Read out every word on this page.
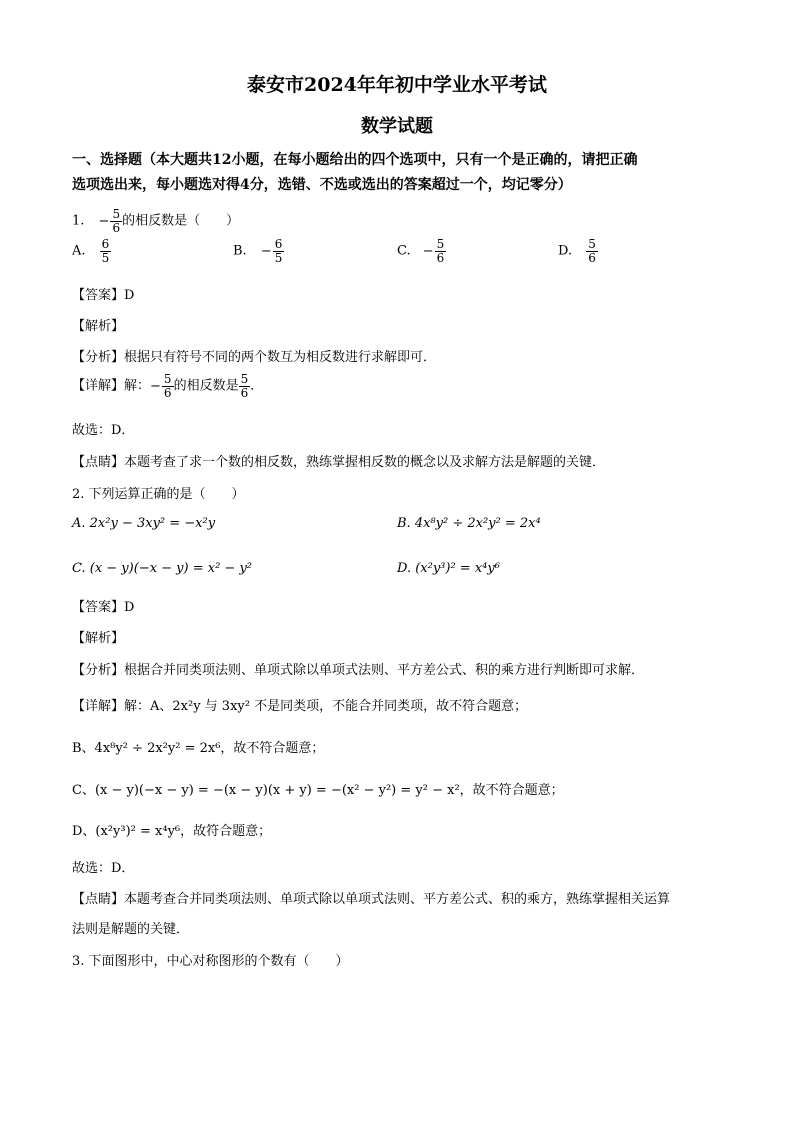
泰安市2024年年初中学业水平考试
数学试题
一、选择题（本大题共12小题，在每小题给出的四个选项中，只有一个是正确的，请把正确
选项选出来，每小题选对得4分，选错、不选或选出的答案超过一个，均记零分）
1. − $\frac{5}{6}$ 的相反数是（　　）
A. $\frac{6}{5}$	B. − $\frac{6}{5}$	C. − $\frac{5}{6}$	D. $\frac{5}{6}$
【答案】D
【解析】
【分析】根据只有符号不同的两个数互为相反数进行求解即可．
【详解】解：− $\frac{5}{6}$ 的相反数是 $\frac{5}{6}$ ．
故选：D．
【点睛】本题考查了求一个数的相反数，熟练掌握相反数的概念以及求解方法是解题的关键．
2. 下列运算正确的是（　　）
A. 2x²y − 3xy² = −x²y	B. 4x⁸y² ÷ 2x²y² = 2x⁴
C. (x − y)(−x − y) = x² − y²	D. (x²y³)² = x⁴y⁶
【答案】D
【解析】
【分析】根据合并同类项法则、单项式除以单项式法则、平方差公式、积的乘方进行判断即可求解．
【详解】解：A、2x²y 与 3xy² 不是同类项，不能合并同类项，故不符合题意；
B、4x⁸y² ÷ 2x²y² = 2x⁶，故不符合题意；
C、(x − y)(−x − y) = −(x − y)(x + y) = −(x² − y²) = y² − x²，故不符合题意；
D、(x²y³)² = x⁴y⁶，故符合题意；
故选：D．
【点睛】本题考查合并同类项法则、单项式除以单项式法则、平方差公式、积的乘方，熟练掌握相关运算
法则是解题的关键．
3. 下面图形中，中心对称图形的个数有（　　）
